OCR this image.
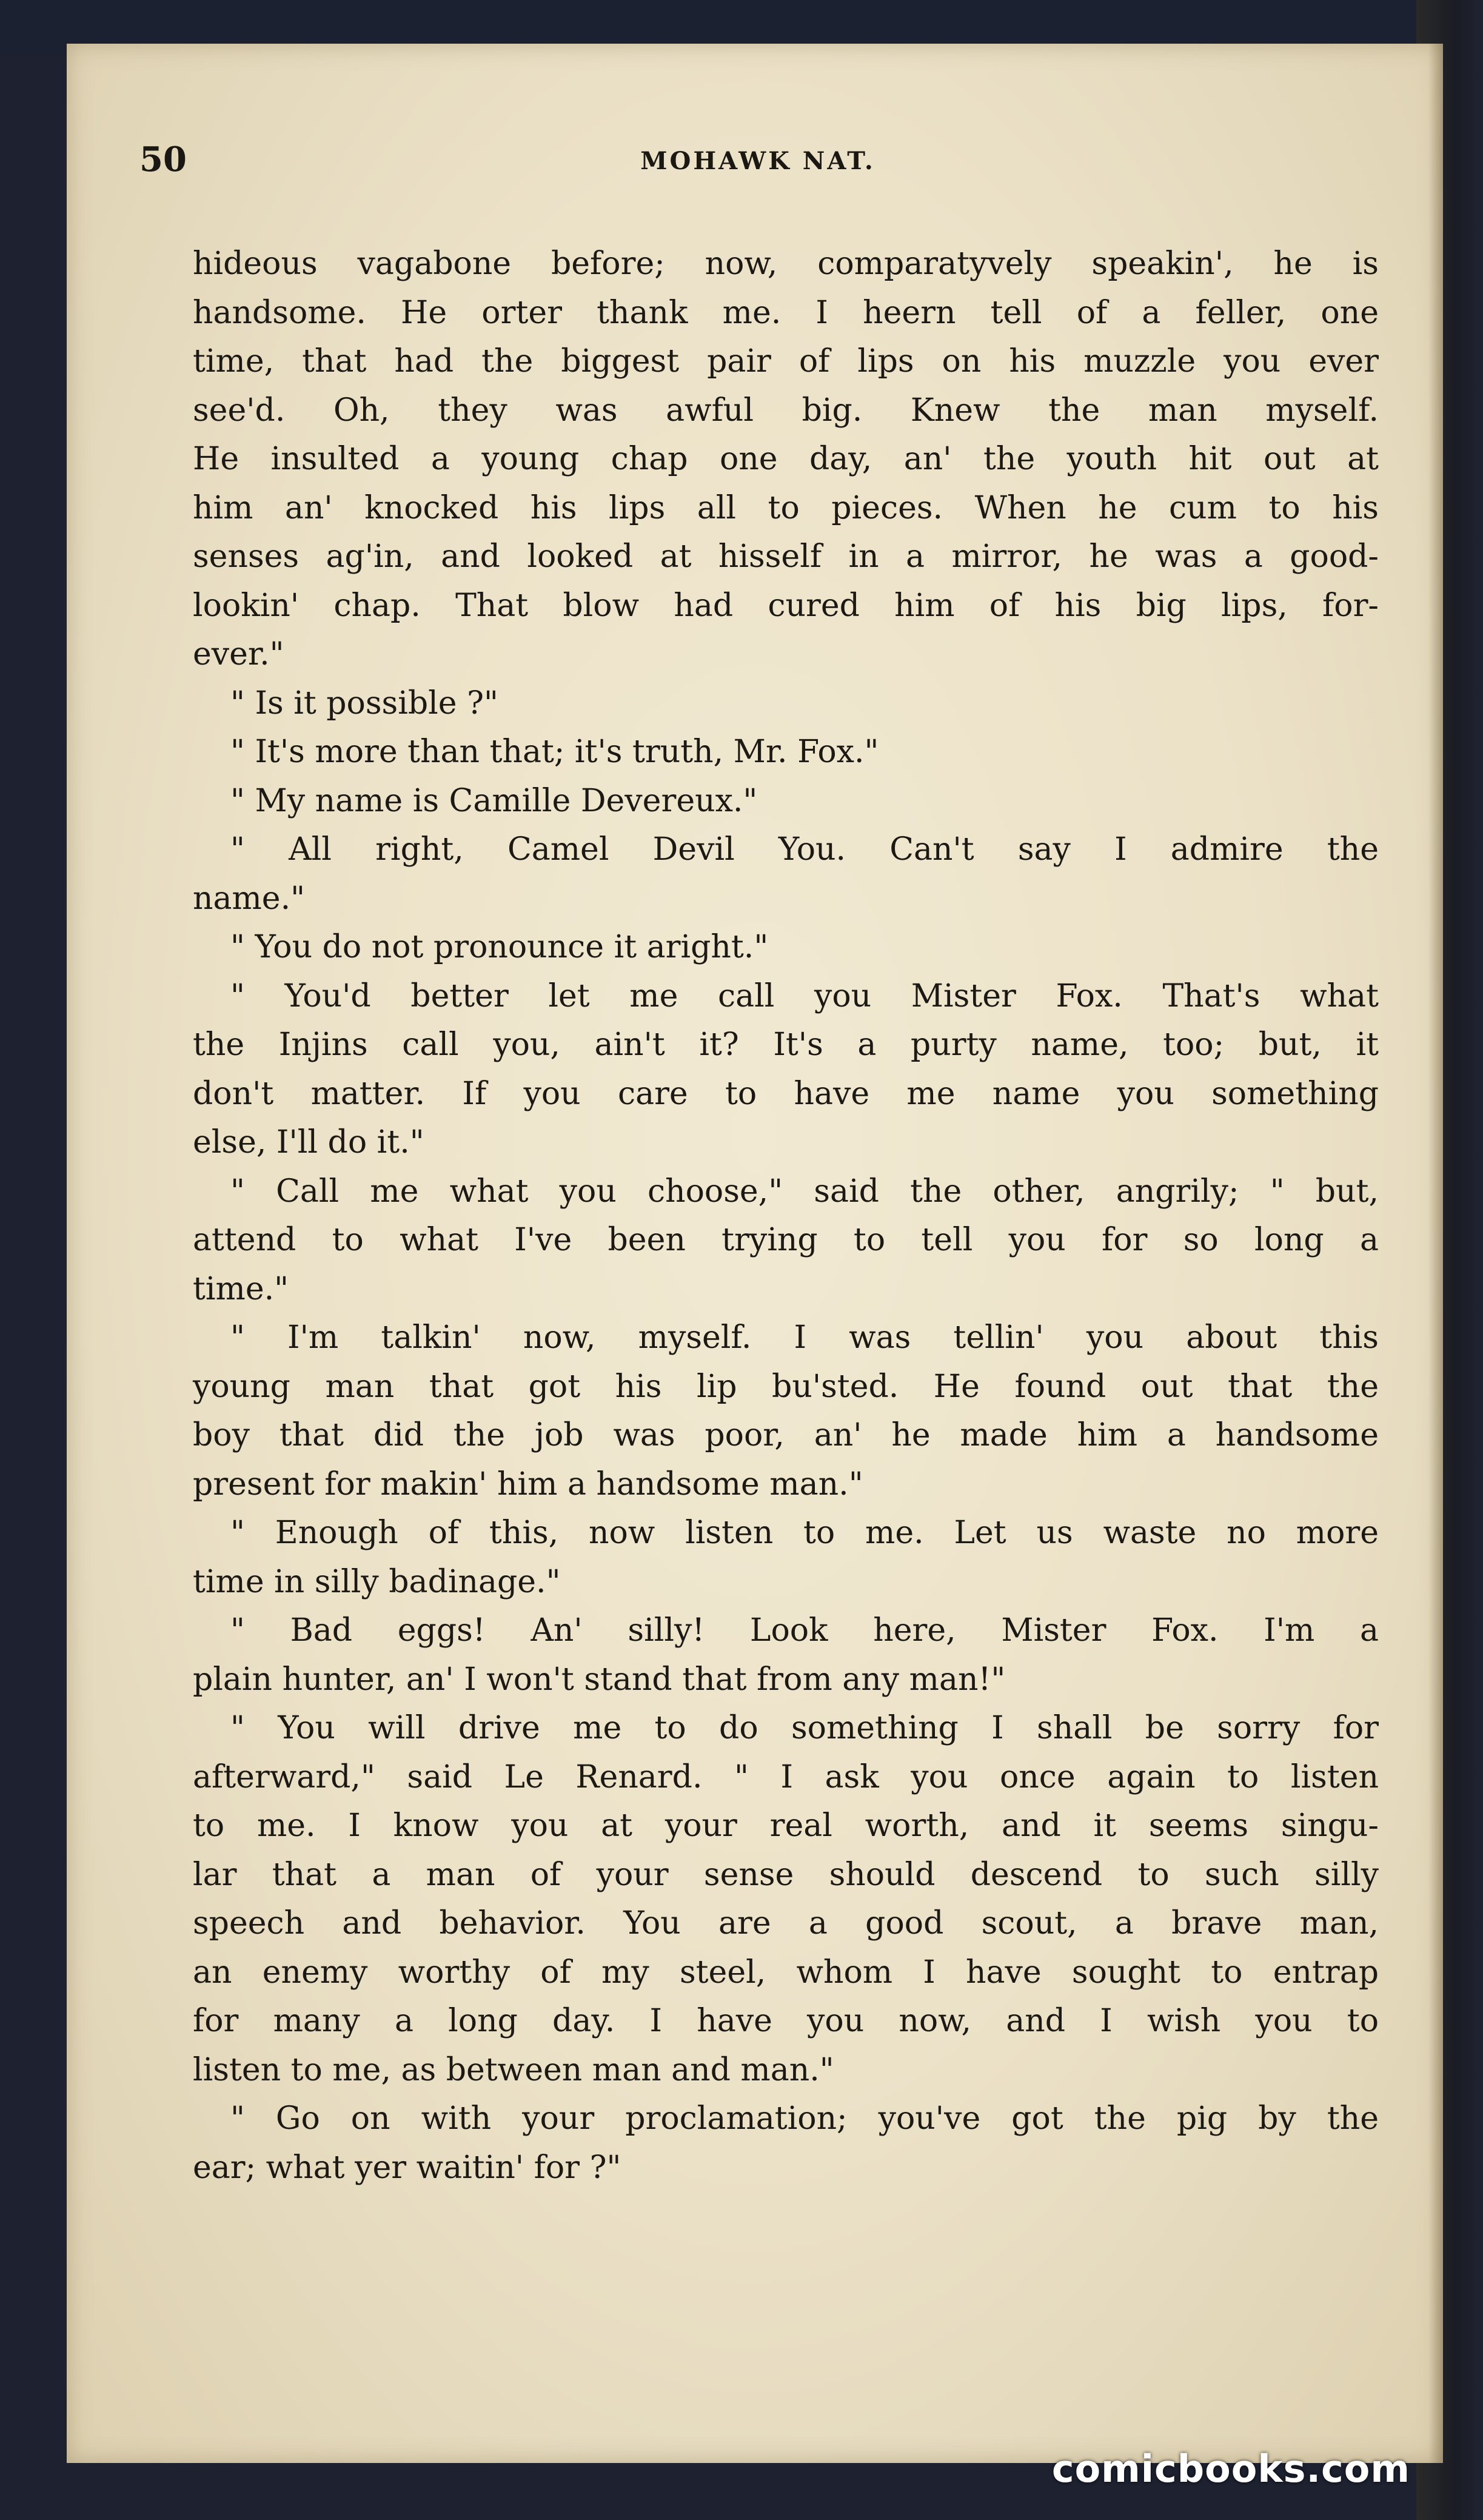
50	MOHAWK NAT.
hideous vagabone before; now, comparatyvely speakin', he is
handsome. He orter thank me. I heern tell of a feller, one
time, that had the biggest pair of lips on his muzzle you ever
see'd. Oh, they was awful big. Knew the man myself.
He insulted a young chap one day, an' the youth hit out at
him an' knocked his lips all to pieces. When he cum to his
senses ag'in, and looked at hisself in a mirror, he was a good-
lookin' chap. That blow had cured him of his big lips, for-
ever."
" Is it possible ?"
" It's more than that; it's truth, Mr. Fox."
" My name is Camille Devereux."
" All right, Camel Devil You. Can't say I admire the
name."
" You do not pronounce it aright."
" You'd better let me call you Mister Fox. That's what
the Injins call you, ain't it? It's a purty name, too; but, it
don't matter. If you care to have me name you something
else, I'll do it."
" Call me what you choose," said the other, angrily; " but,
attend to what I've been trying to tell you for so long a
time."
" I'm talkin' now, myself. I was tellin' you about this
young man that got his lip bu'sted. He found out that the
boy that did the job was poor, an' he made him a handsome
present for makin' him a handsome man."
" Enough of this, now listen to me. Let us waste no more
time in silly badinage."
" Bad eggs! An' silly! Look here, Mister Fox. I'm a
plain hunter, an' I won't stand that from any man!"
" You will drive me to do something I shall be sorry for
afterward," said Le Renard. " I ask you once again to listen
to me. I know you at your real worth, and it seems singu-
lar that a man of your sense should descend to such silly
speech and behavior. You are a good scout, a brave man,
an enemy worthy of my steel, whom I have sought to entrap
for many a long day. I have you now, and I wish you to
listen to me, as between man and man."
" Go on with your proclamation; you've got the pig by the
ear; what yer waitin' for ?"
comicbooks.com
